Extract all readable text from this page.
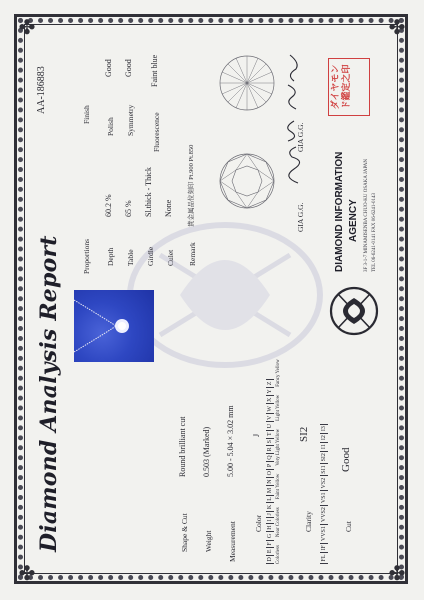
✤	✤
✤	✤
Diamond Analysis Report
AA-186883
Shape & Cut
Round brilliant cut
Weight
0.503 (Marked)
Measurement
5.00 - 5.04 × 3.02 mm
Color
J
D
E
F
G
H
I
J
K
L
M
N
O
P
Q
R
S
T
U
V
W
X
Y
Z
Colorless
Near Colorless
Faint Yellow
Very Light Yellow
Light Yellow
Fancy Yellow
Clarity
SI2
FL
IF
VVS1
VVS2
VS1
VS2
SI1
SI2
I1
I2
I3
Cut
Good
Proportions Depth
60.2 %
Table
65 %
Girdle
Sl.thick - Thick
Culet
None
Remark
貴金属品位刻印 Pt.900 Pt.850
Finish
Polish
Good
Symmetry
Good
Fluorescence
Faint blue
GIA G.G.
GIA G.G.
DIAMOND INFORMATION AGENCY 3F 3-1-7 MINAMISENBA CHUO-KU OSAKA JAPAN TEL 06-6241-0141 FAX 06-6241-0143
ダイヤモンド鑑定之印
